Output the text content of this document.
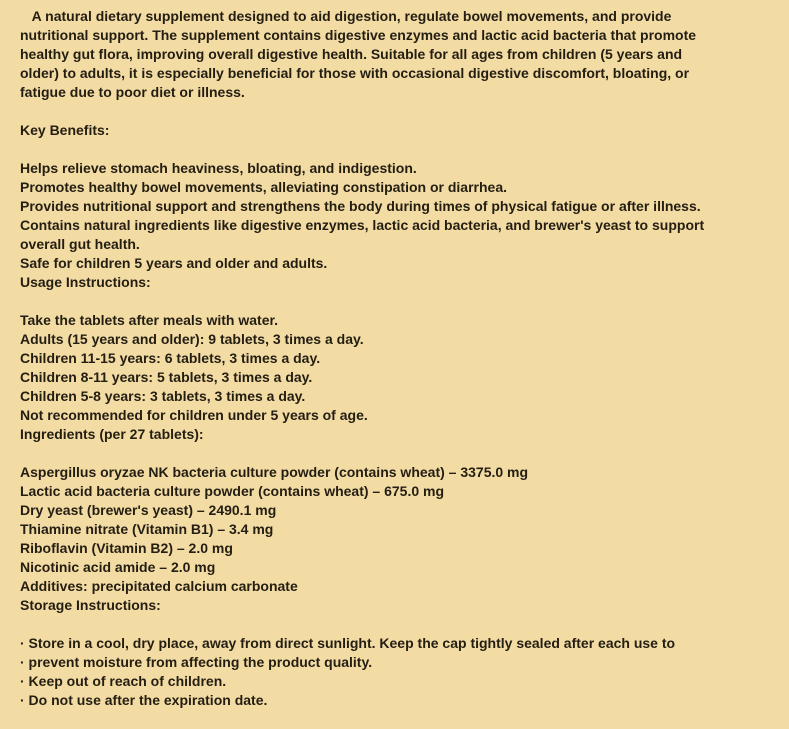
A natural dietary supplement designed to aid digestion, regulate bowel movements, and provide
nutritional support. The supplement contains digestive enzymes and lactic acid bacteria that promote
healthy gut flora, improving overall digestive health. Suitable for all ages from children (5 years and
older) to adults, it is especially beneficial for those with occasional digestive discomfort, bloating, or
fatigue due to poor diet or illness.
Key Benefits:
Helps relieve stomach heaviness, bloating, and indigestion.
Promotes healthy bowel movements, alleviating constipation or diarrhea.
Provides nutritional support and strengthens the body during times of physical fatigue or after illness.
Contains natural ingredients like digestive enzymes, lactic acid bacteria, and brewer's yeast to support
overall gut health.
Safe for children 5 years and older and adults.
Usage Instructions:
Take the tablets after meals with water.
Adults (15 years and older): 9 tablets, 3 times a day.
Children 11-15 years: 6 tablets, 3 times a day.
Children 8-11 years: 5 tablets, 3 times a day.
Children 5-8 years: 3 tablets, 3 times a day.
Not recommended for children under 5 years of age.
Ingredients (per 27 tablets):
Aspergillus oryzae NK bacteria culture powder (contains wheat) – 3375.0 mg
Lactic acid bacteria culture powder (contains wheat) – 675.0 mg
Dry yeast (brewer's yeast) – 2490.1 mg
Thiamine nitrate (Vitamin B1) – 3.4 mg
Riboflavin (Vitamin B2) – 2.0 mg
Nicotinic acid amide – 2.0 mg
Additives: precipitated calcium carbonate
Storage Instructions:
· Store in a cool, dry place, away from direct sunlight. Keep the cap tightly sealed after each use to
· prevent moisture from affecting the product quality.
· Keep out of reach of children.
· Do not use after the expiration date.
